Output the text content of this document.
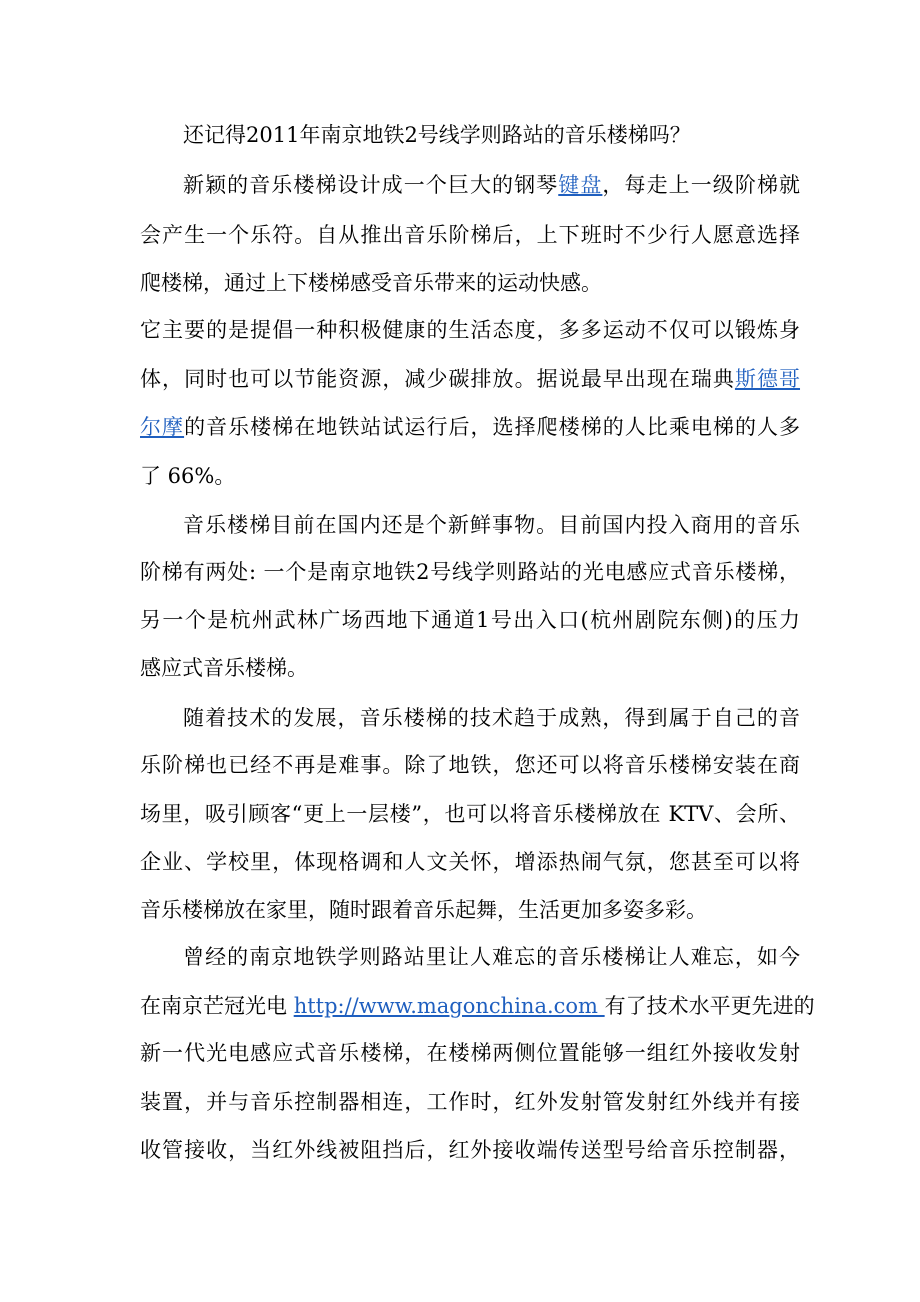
还记得2011年南京地铁2号线学则路站的音乐楼梯吗？
新颖的音乐楼梯设计成一个巨大的钢琴键盘，每走上一级阶梯就
会产生一个乐符。自从推出音乐阶梯后，上下班时不少行人愿意选择
爬楼梯，通过上下楼梯感受音乐带来的运动快感。
它主要的是提倡一种积极健康的生活态度，多多运动不仅可以锻炼身
体，同时也可以节能资源，减少碳排放。据说最早出现在瑞典斯德哥
尔摩的音乐楼梯在地铁站试运行后，选择爬楼梯的人比乘电梯的人多
了 66%。
音乐楼梯目前在国内还是个新鲜事物。目前国内投入商用的音乐
阶梯有两处: 一个是南京地铁2号线学则路站的光电感应式音乐楼梯，
另一个是杭州武林广场西地下通道1号出入口(杭州剧院东侧)的压力
感应式音乐楼梯。
随着技术的发展，音乐楼梯的技术趋于成熟，得到属于自己的音
乐阶梯也已经不再是难事。除了地铁，您还可以将音乐楼梯安装在商
场里，吸引顾客“更上一层楼”，也可以将音乐楼梯放在 KTV、会所、
企业、学校里，体现格调和人文关怀，增添热闹气氛，您甚至可以将
音乐楼梯放在家里，随时跟着音乐起舞，生活更加多姿多彩。
曾经的南京地铁学则路站里让人难忘的音乐楼梯让人难忘，如今
在南京芒冠光电 http://www.magonchina.com 有了技术水平更先进的
新一代光电感应式音乐楼梯，在楼梯两侧位置能够一组红外接收发射
装置，并与音乐控制器相连，工作时，红外发射管发射红外线并有接
收管接收，当红外线被阻挡后，红外接收端传送型号给音乐控制器，
